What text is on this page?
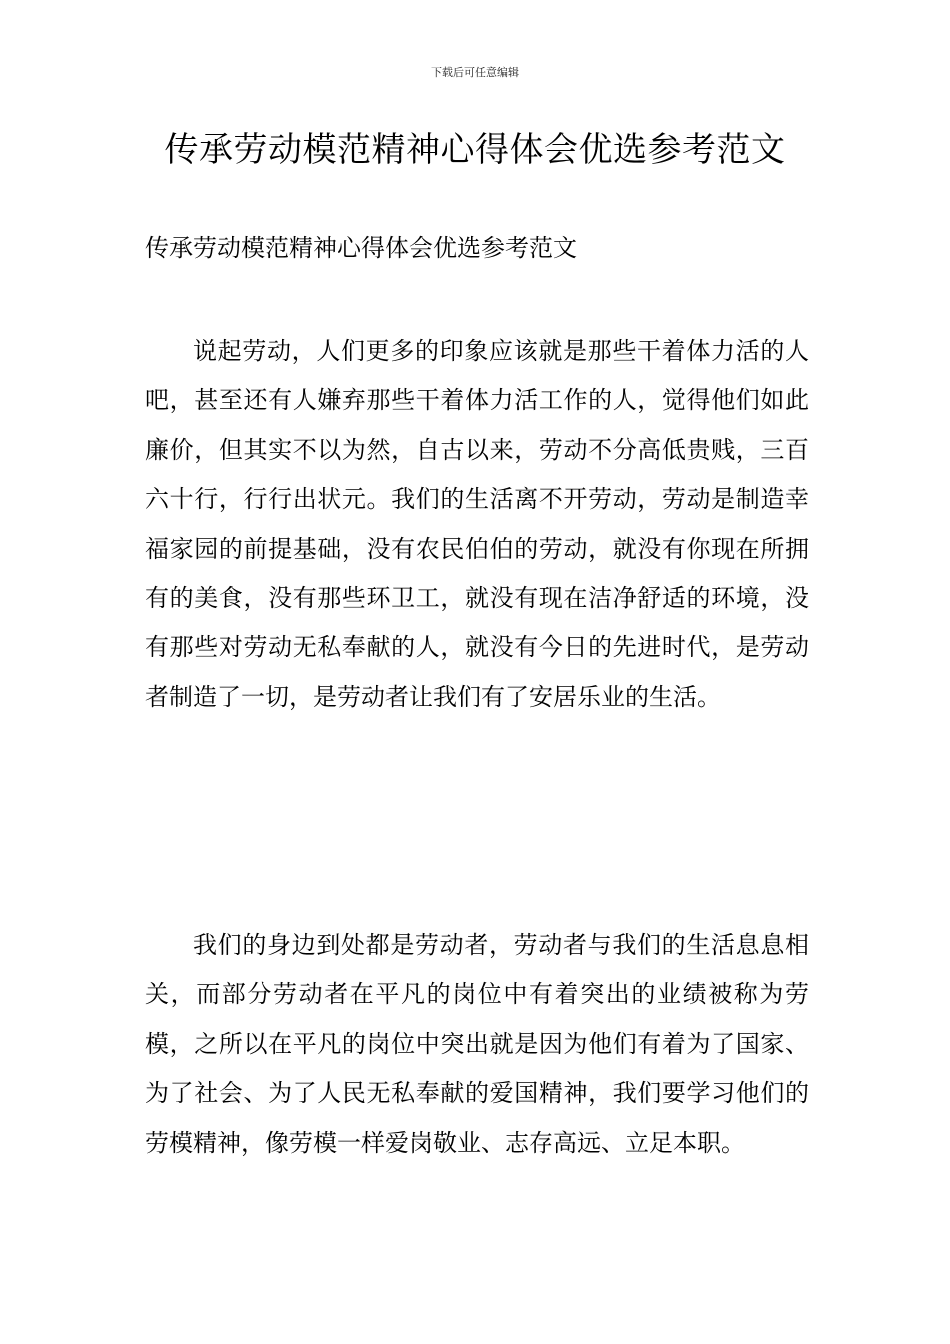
下载后可任意编辑
传承劳动模范精神心得体会优选参考范文
传承劳动模范精神心得体会优选参考范文

说起劳动，人们更多的印象应该就是那些干着体力活的人吧，甚至还有人嫌弃那些干着体力活工作的人，觉得他们如此廉价，但其实不以为然，自古以来，劳动不分高低贵贱，三百六十行，行行出状元。我们的生活离不开劳动，劳动是制造幸福家园的前提基础，没有农民伯伯的劳动，就没有你现在所拥有的美食，没有那些环卫工，就没有现在洁净舒适的环境，没有那些对劳动无私奉献的人，就没有今日的先进时代，是劳动者制造了一切，是劳动者让我们有了安居乐业的生活。

我们的身边到处都是劳动者，劳动者与我们的生活息息相关，而部分劳动者在平凡的岗位中有着突出的业绩被称为劳模，之所以在平凡的岗位中突出就是因为他们有着为了国家、为了社会、为了人民无私奉献的爱国精神，我们要学习他们的劳模精神，像劳模一样爱岗敬业、志存高远、立足本职。
